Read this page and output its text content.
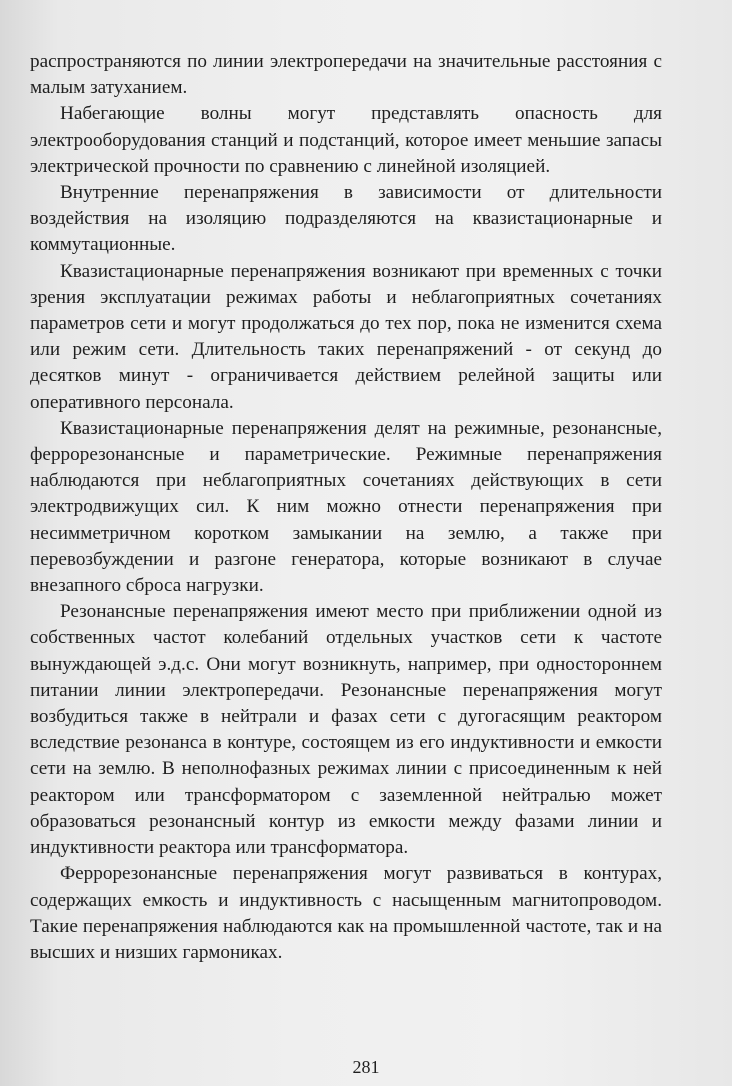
распространяются по линии электропередачи на значительные расстояния с малым затуханием.

Набегающие волны могут представлять опасность для электрооборудования станций и подстанций, которое имеет меньшие запасы электрической прочности по сравнению с линейной изоляцией.

Внутренние перенапряжения в зависимости от длительности воздействия на изоляцию подразделяются на квазистационарные и коммутационные.

Квазистационарные перенапряжения возникают при временных с точки зрения эксплуатации режимах работы и неблагоприятных сочетаниях параметров сети и могут продолжаться до тех пор, пока не изменится схема или режим сети. Длительность таких перенапряжений - от секунд до десятков минут - ограничивается действием релейной защиты или оперативного персонала.

Квазистационарные перенапряжения делят на режимные, резонансные, феррорезонансные и параметрические. Режимные перенапряжения наблюдаются при неблагоприятных сочетаниях действующих в сети электродвижущих сил. К ним можно отнести перенапряжения при несимметричном коротком замыкании на землю, а также при перевозбуждении и разгоне генератора, которые возникают в случае внезапного сброса нагрузки.

Резонансные перенапряжения имеют место при приближении одной из собственных частот колебаний отдельных участков сети к частоте вынуждающей э.д.с. Они могут возникнуть, например, при одностороннем питании линии электропередачи. Резонансные перенапряжения могут возбудиться также в нейтрали и фазах сети с дугогасящим реактором вследствие резонанса в контуре, состоящем из его индуктивности и емкости сети на землю. В неполнофазных режимах линии с присоединенным к ней реактором или трансформатором с заземленной нейтралью может образоваться резонансный контур из емкости между фазами линии и индуктивности реактора или трансформатора.

Феррорезонансные перенапряжения могут развиваться в контурах, содержащих емкость и индуктивность с насыщенным магнитопроводом. Такие перенапряжения наблюдаются как на промышленной частоте, так и на высших и низших гармониках.

281
